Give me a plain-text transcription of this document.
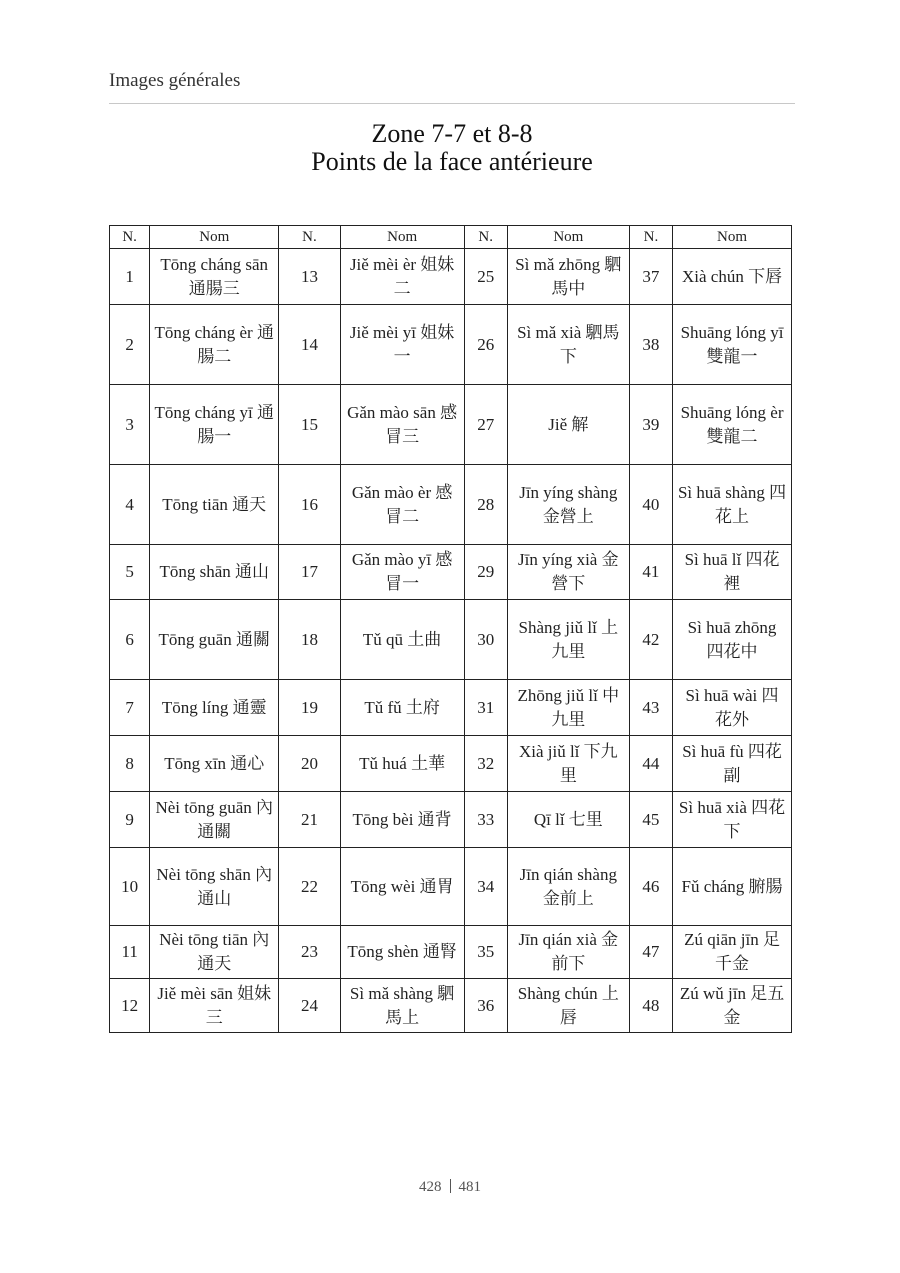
Images générales
Zone 7-7 et 8-8
Points de la face antérieure
N.	Nom	N.	Nom	N.	Nom	N.	Nom
1	Tōng cháng sān 通腸三	13	Jiě mèi èr 姐妹二	25	Sì mǎ zhōng 駟馬中	37	Xià chún 下唇
2	Tōng cháng èr 通腸二	14	Jiě mèi yī 姐妹一	26	Sì mǎ xià 駟馬下	38	Shuāng lóng yī 雙龍一
3	Tōng cháng yī 通腸一	15	Gǎn mào sān 感冒三	27	Jiě 解	39	Shuāng lóng èr 雙龍二
4	Tōng tiān 通天	16	Gǎn mào èr 感冒二	28	Jīn yíng shàng 金營上	40	Sì huā shàng 四花上
5	Tōng shān 通山	17	Gǎn mào yī 感冒一	29	Jīn yíng xià 金營下	41	Sì huā lǐ 四花裡
6	Tōng guān 通關	18	Tǔ qū 土曲	30	Shàng jiǔ lǐ 上九里	42	Sì huā zhōng 四花中
7	Tōng líng 通靈	19	Tǔ fǔ 土府	31	Zhōng jiǔ lǐ 中九里	43	Sì huā wài 四花外
8	Tōng xīn 通心	20	Tǔ huá 土華	32	Xià jiǔ lǐ 下九里	44	Sì huā fù 四花副
9	Nèi tōng guān 內通關	21	Tōng bèi 通背	33	Qī lǐ 七里	45	Sì huā xià 四花下
10	Nèi tōng shān 內通山	22	Tōng wèi 通胃	34	Jīn qián shàng 金前上	46	Fǔ cháng 腑腸
11	Nèi tōng tiān 內通天	23	Tōng shèn 通腎	35	Jīn qián xià 金前下	47	Zú qiān jīn 足千金
12	Jiě mèi sān 姐妹三	24	Sì mǎ shàng 駟馬上	36	Shàng chún 上唇	48	Zú wǔ jīn 足五金
428 481
